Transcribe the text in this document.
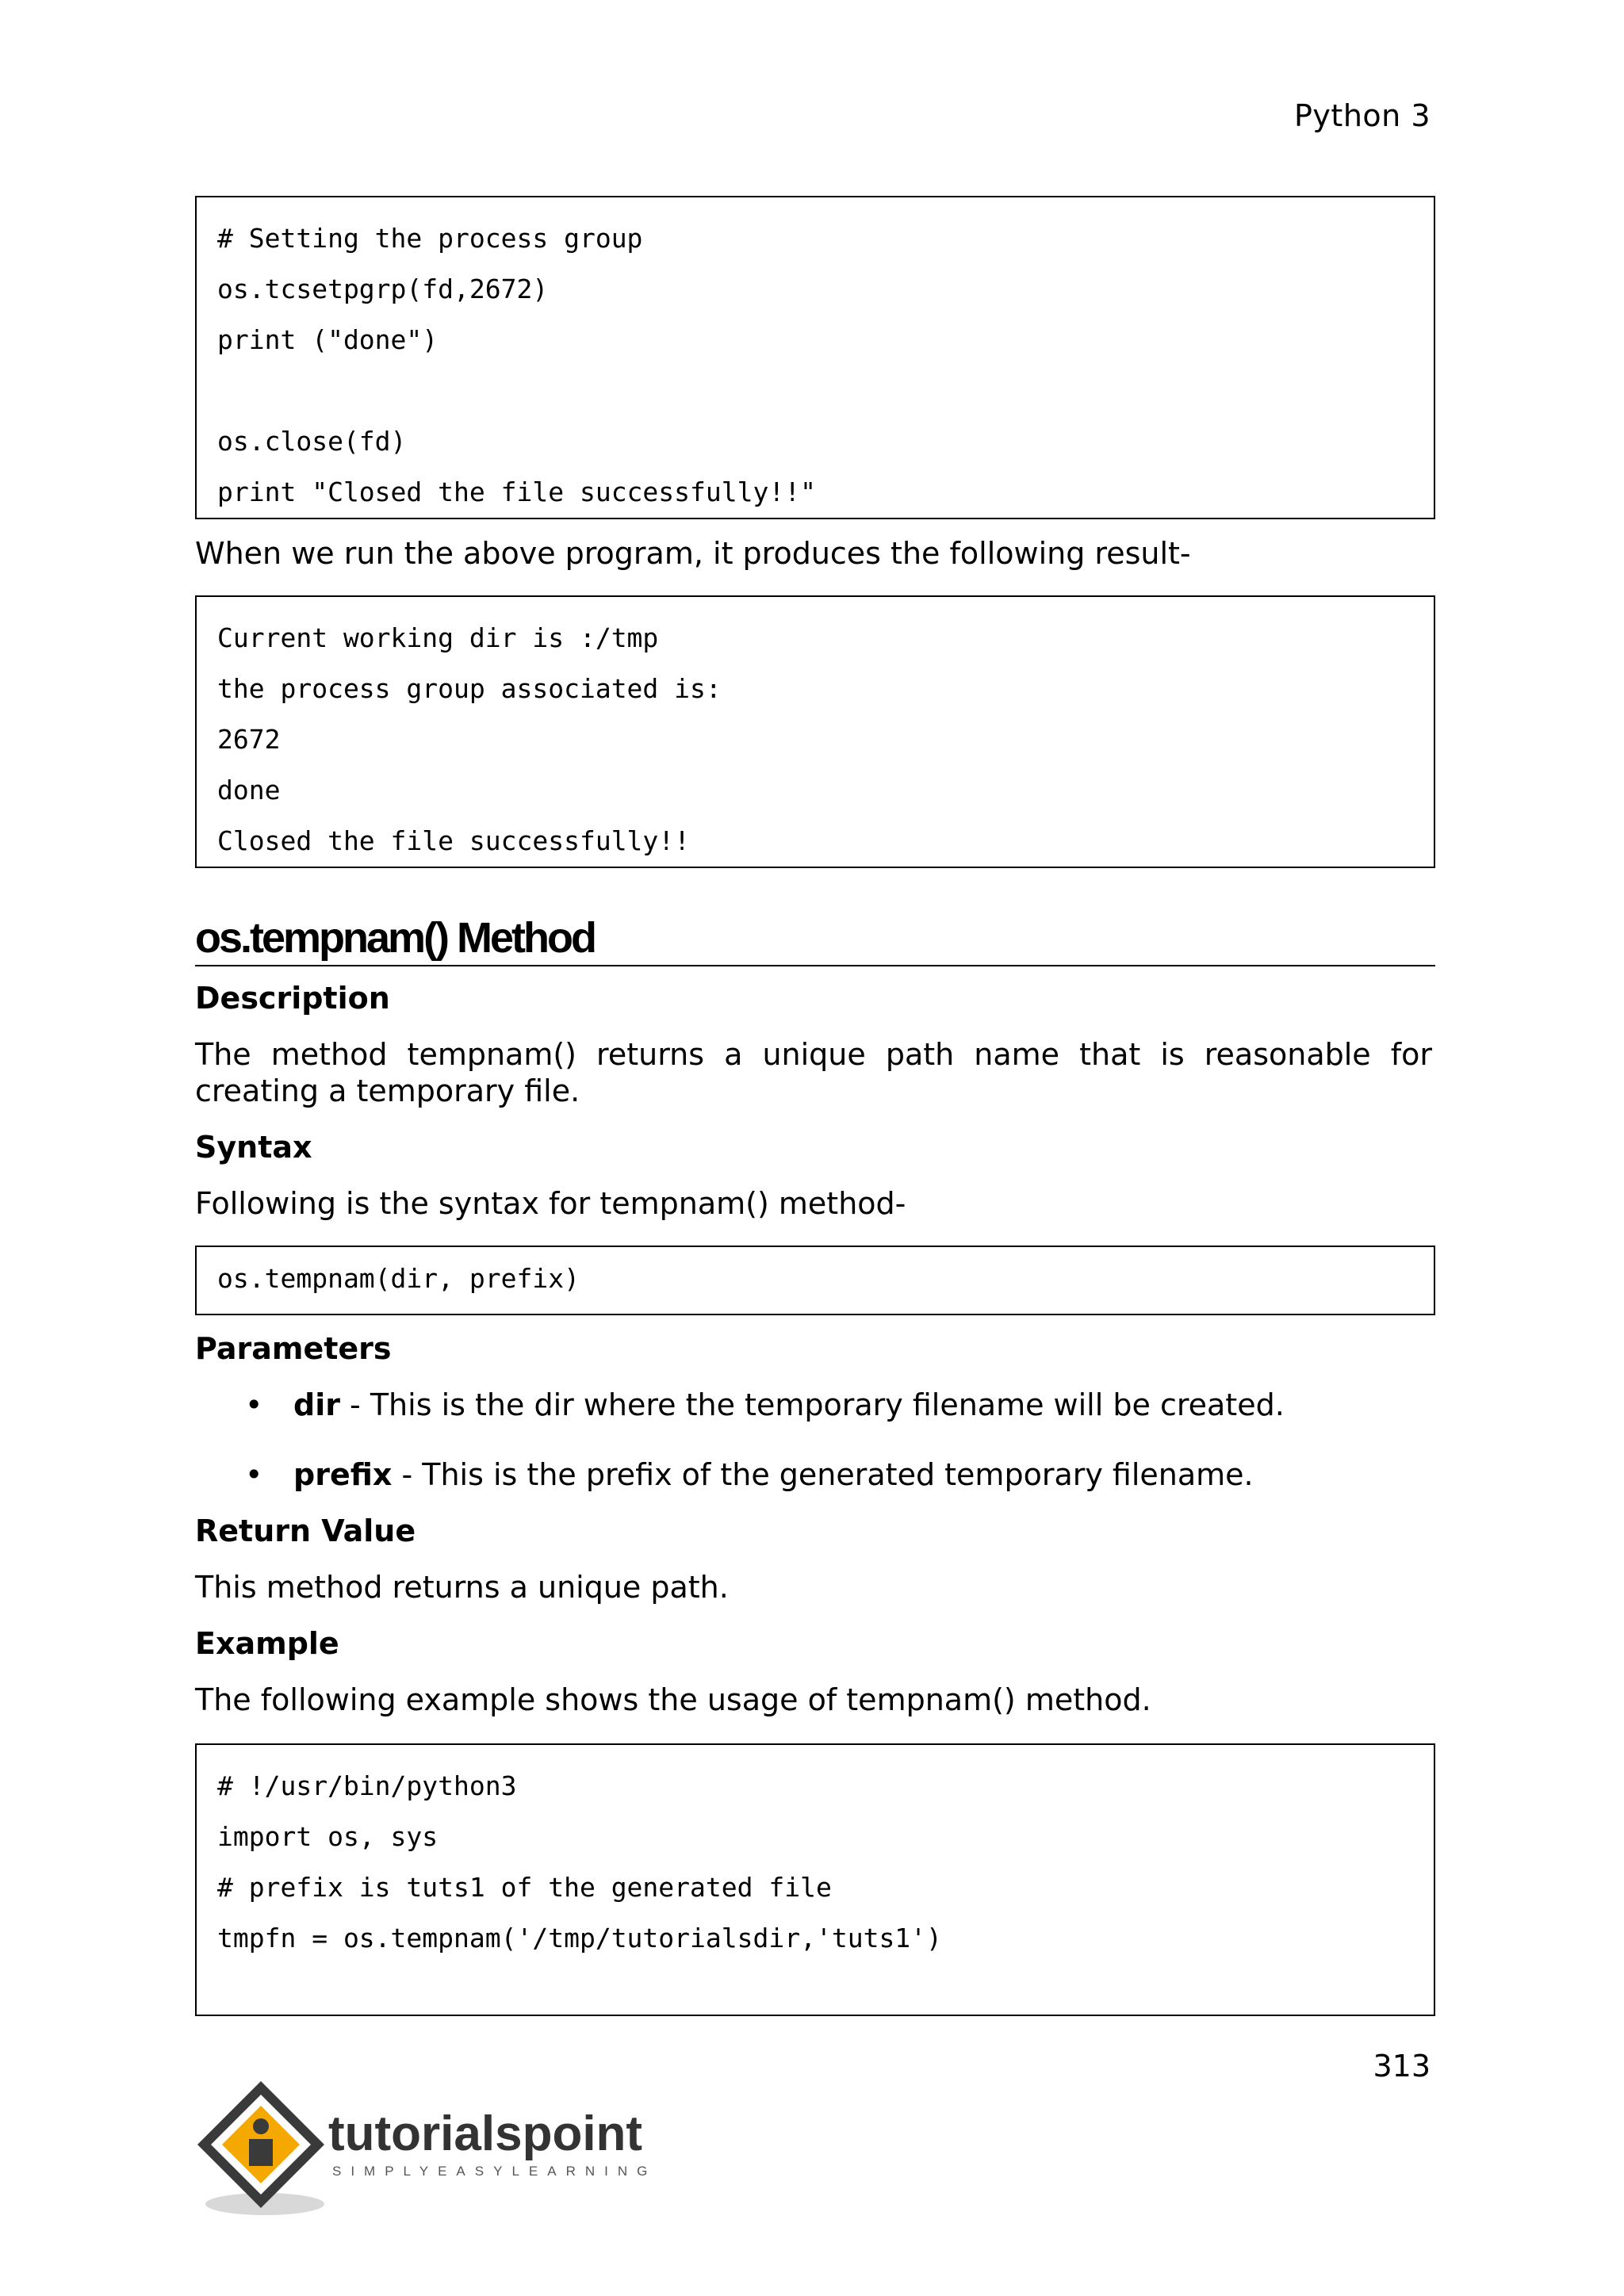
Python 3
# Setting the process group
os.tcsetpgrp(fd,2672)
print ("done")
os.close(fd)
print "Closed the file successfully!!"
When we run the above program, it produces the following result-
Current working dir is :/tmp
the process group associated is:
2672
done
Closed the file successfully!!
os.tempnam() Method
Description
The method tempnam() returns a unique path name that is reasonable for creating a temporary file.
Syntax
Following is the syntax for tempnam() method-
os.tempnam(dir, prefix)
Parameters
• dir - This is the dir where the temporary filename will be created.
• prefix - This is the prefix of the generated temporary filename.
Return Value
This method returns a unique path.
Example
The following example shows the usage of tempnam() method.
# !/usr/bin/python3
import os, sys
# prefix is tuts1 of the generated file
tmpfn = os.tempnam('/tmp/tutorialsdir,'tuts1')
313
tutorialspoint
SIMPLYEASYLEARNING
